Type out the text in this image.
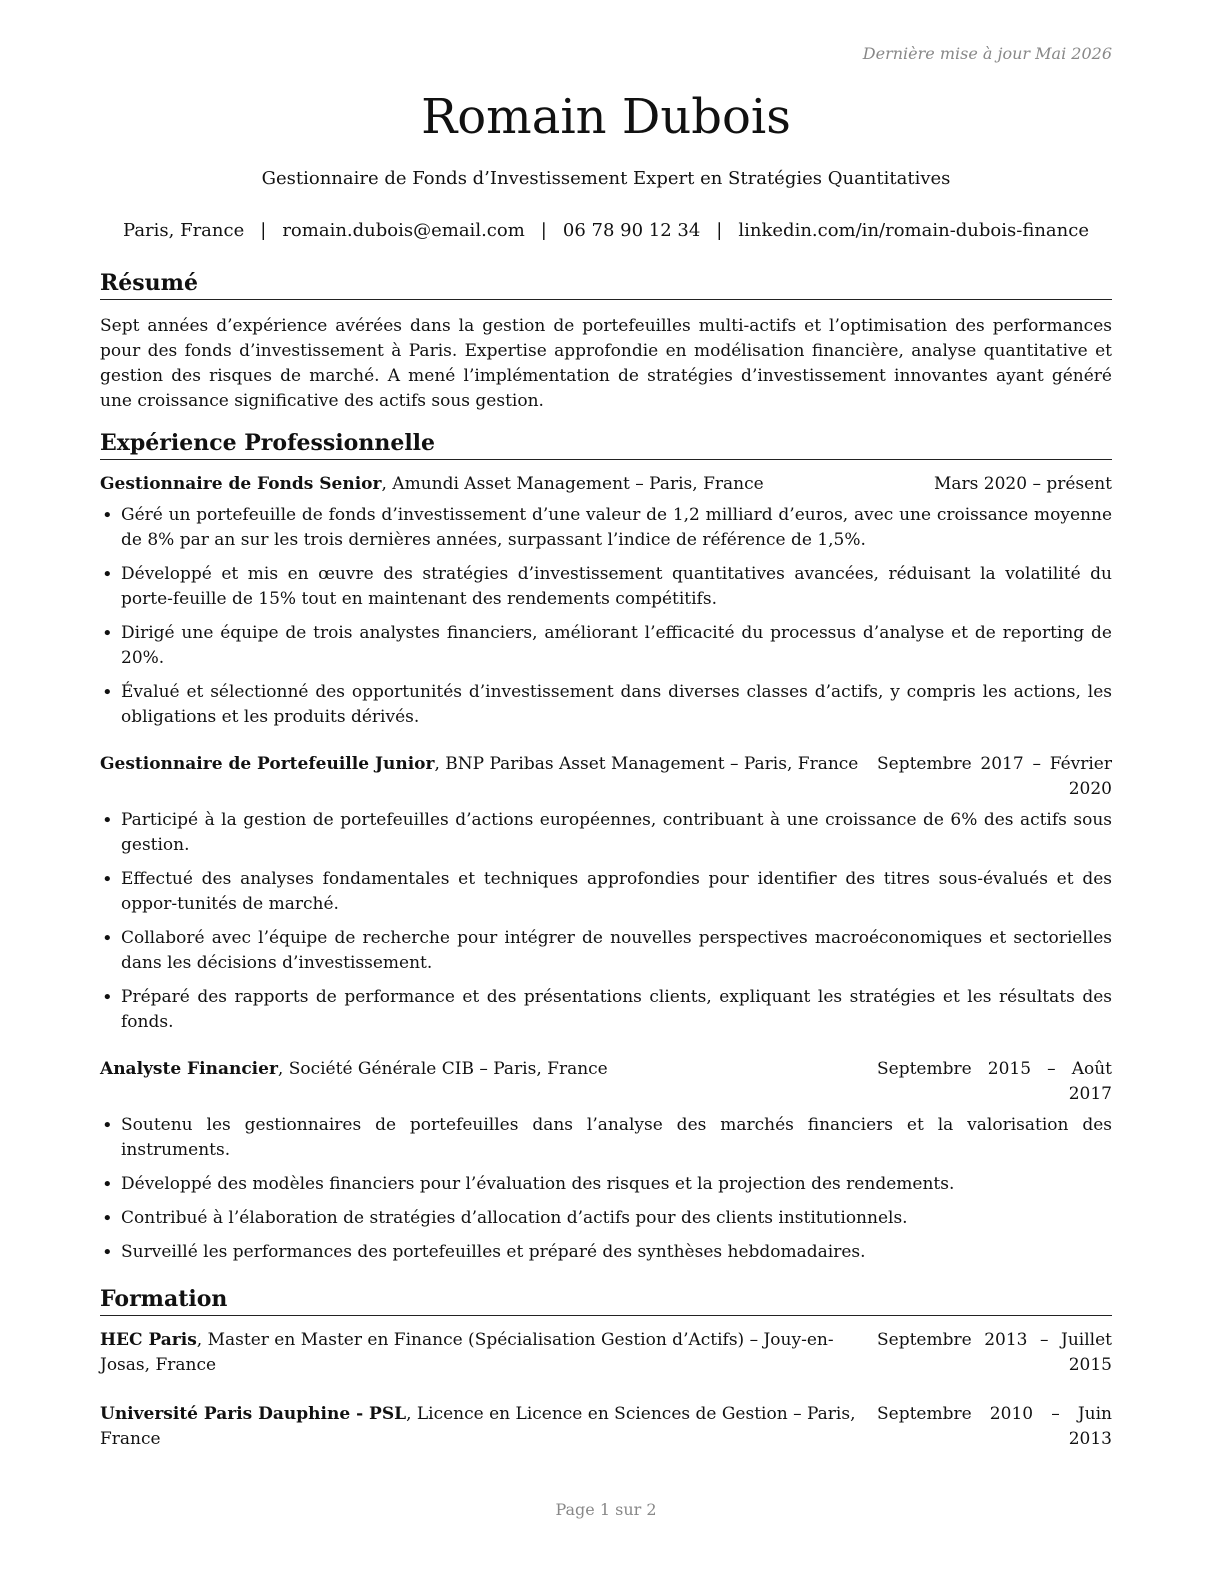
Dernière mise à jour Mai 2026
Romain Dubois
Gestionnaire de Fonds d’Investissement Expert en Stratégies Quantitatives
Paris, France | romain.dubois@email.com | 06 78 90 12 34 | linkedin.com/in/romain-dubois-finance
Résumé

Sept années d’expérience avérées dans la gestion de portefeuilles multi-actifs et l’optimisation des performances pour des fonds d’investissement à Paris. Expertise approfondie en modélisation financière, analyse quantitative et gestion des risques de marché. A mené l’implémentation de stratégies d’investissement innovantes ayant généré une croissance significative des actifs sous gestion.

Expérience Professionnelle
Gestionnaire de Fonds Senior, Amundi Asset Management – Paris, France	Mars 2020 – présent
• Géré un portefeuille de fonds d’investissement d’une valeur de 1,2 milliard d’euros, avec une croissance moyenne de 8% par an sur les trois dernières années, surpassant l’indice de référence de 1,5%.
• Développé et mis en œuvre des stratégies d’investissement quantitatives avancées, réduisant la volatilité du porte-feuille de 15% tout en maintenant des rendements compétitifs.
• Dirigé une équipe de trois analystes financiers, améliorant l’efficacité du processus d’analyse et de reporting de 20%.
• Évalué et sélectionné des opportunités d’investissement dans diverses classes d’actifs, y compris les actions, les obligations et les produits dérivés.
Gestionnaire de Portefeuille Junior, BNP Paribas Asset Management – Paris, France	Septembre 2017 – Février 2020
• Participé à la gestion de portefeuilles d’actions européennes, contribuant à une croissance de 6% des actifs sous gestion.
• Effectué des analyses fondamentales et techniques approfondies pour identifier des titres sous-évalués et des oppor-tunités de marché.
• Collaboré avec l’équipe de recherche pour intégrer de nouvelles perspectives macroéconomiques et sectorielles dans les décisions d’investissement.
• Préparé des rapports de performance et des présentations clients, expliquant les stratégies et les résultats des fonds.
Analyste Financier, Société Générale CIB – Paris, France	Septembre 2015 – Août 2017
• Soutenu les gestionnaires de portefeuilles dans l’analyse des marchés financiers et la valorisation des instruments.
• Développé des modèles financiers pour l’évaluation des risques et la projection des rendements.
• Contribué à l’élaboration de stratégies d’allocation d’actifs pour des clients institutionnels.
• Surveillé les performances des portefeuilles et préparé des synthèses hebdomadaires.
Formation
HEC Paris, Master en Master en Finance (Spécialisation Gestion d’Actifs) – Jouy-en-Josas, France
Septembre 2013 – Juillet 2015
Université Paris Dauphine - PSL, Licence en Licence en Sciences de Gestion – Paris, France
Septembre 2010 – Juin 2013
Page 1 sur 2
